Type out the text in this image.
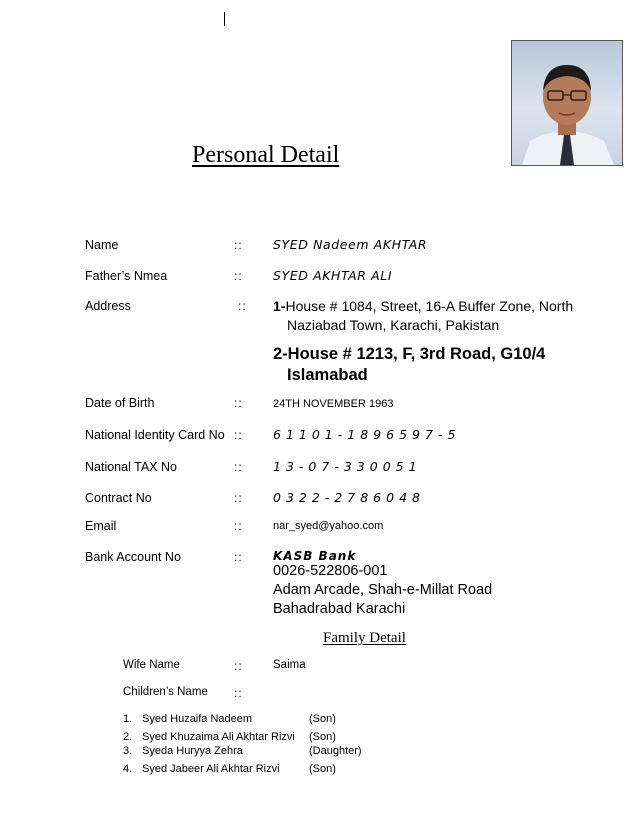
Personal Detail
Name	:: SYED Nadeem AKHTAR
Father’s Nmea	:: SYED AKHTAR ALI
Address	:: 1-House # 1084, Street, 16-A Buffer Zone, North
Naziabad Town, Karachi, Pakistan
2-House # 1213, F, 3rd Road, G10/4
Islamabad
Date of Birth	::	24TH NOVEMBER 1963
National Identity Card No :: 61101-1896597-5
National TAX No	:: 13-07-330051
Contract No	:: 0322-2786048
Email	::	nar_syed@yahoo.com
Bank Account No	::	KASB Bank
0026-522806-001
Adam Arcade, Shah-e-Millat Road
Bahadrabad Karachi
Family Detail
Wife Name	::	Saima
Children’s Name ::
1. Syed Huzaifa Nadeem	(Son)
2. Syed Khuzaima Ali Akhtar Rizvi (Son)
3. Syeda Huryya Zehra	(Daughter)
4. Syed Jabeer Ali Akhtar Rizvi	(Son)
